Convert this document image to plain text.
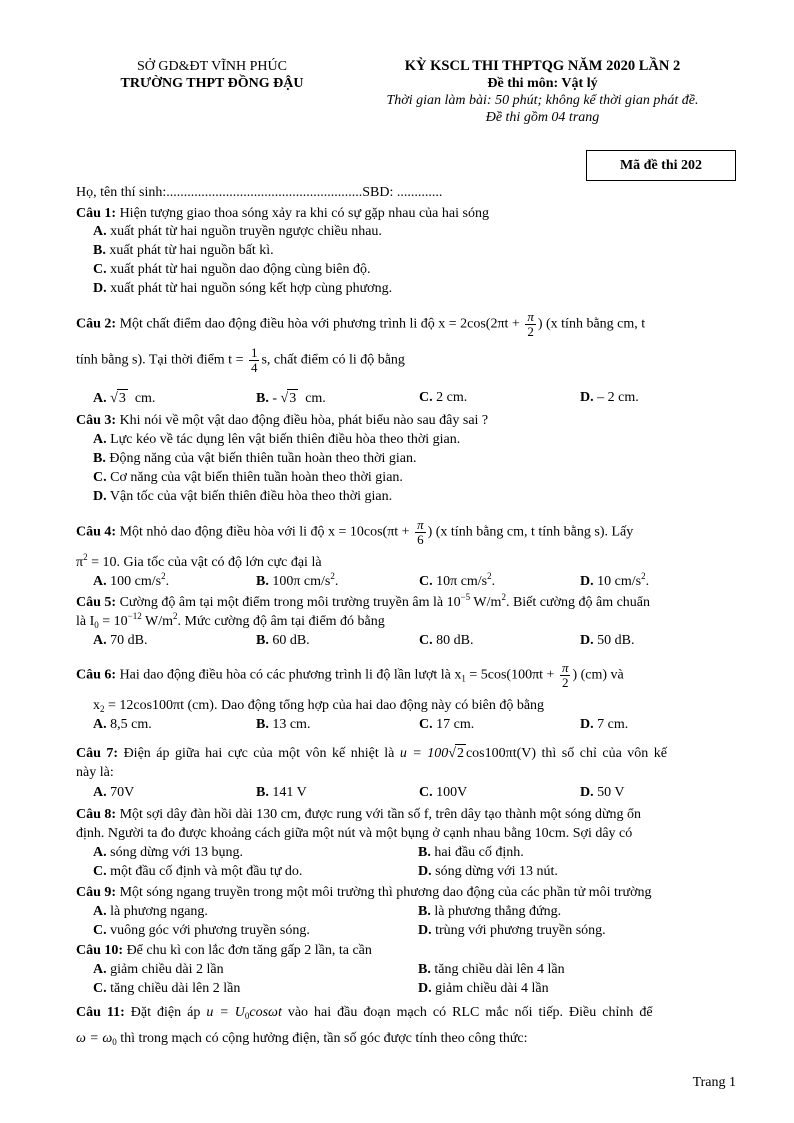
SỞ GD&ĐT VĨNH PHÚC
TRƯỜNG THPT ĐỒNG ĐẬU
KỲ KSCL THI THPTQG NĂM 2020 LẦN 2
Đề thi môn: Vật lý
Thời gian làm bài: 50 phút; không kể thời gian phát đề.
Đề thi gồm 04 trang
Mã đề thi 202
Họ, tên thí sinh:........................................................SBD: .............
Câu 1: Hiện tượng giao thoa sóng xảy ra khi có sự gặp nhau của hai sóng
A. xuất phát từ hai nguồn truyền ngược chiều nhau.
B. xuất phát từ hai nguồn bất kì.
C. xuất phát từ hai nguồn dao động cùng biên độ.
D. xuất phát từ hai nguồn sóng kết hợp cùng phương.
Câu 2: Một chất điểm dao động điều hòa với phương trình li độ $x = 2\cos(2\pi t + \frac{\pi}{2}$ ) (x tính bằng cm, t
tính bằng s). Tại thời điểm $t = \frac{1}{4} s$, chất điểm có li độ bằng
A. √3 cm.	B. - √3 cm.	C. 2 cm.	D. – 2 cm.
Câu 3: Khi nói về một vật dao động điều hòa, phát biểu nào sau đây sai ?
A. Lực kéo về tác dụng lên vật biến thiên điều hòa theo thời gian.
B. Động năng của vật biến thiên tuần hoàn theo thời gian.
C. Cơ năng của vật biến thiên tuần hoàn theo thời gian.
D. Vận tốc của vật biến thiên điều hòa theo thời gian.
Câu 4: Một nhỏ dao động điều hòa với li độ $x = 10\cos(\pi t + \frac{\pi}{6}$ ) (x tính bằng cm, t tính bằng s). Lấy
$\pi^2 = 10$. Gia tốc của vật có độ lớn cực đại là
A. 100 $cm/s^2$.	B. 100π $cm/s^2$.	C. 10π $cm/s^2$.	D. 10 $cm/s^2$.
Câu 5: Cường độ âm tại một điểm trong môi trường truyền âm là $10^{-5}$ $W/m^2$. Biết cường độ âm chuẩn
là $I_0 = 10^{-12}$ $W/m^2$. Mức cường độ âm tại điểm đó bằng
A. 70 dB.	B. 60 dB.	C. 80 dB.	D. 50 dB.
Câu 6: Hai dao động điều hòa có các phương trình li độ lần lượt là $x_1 = 5\cos(100\pi t + \frac{\pi}{2}$ ) (cm) và
$x_2 = 12\cos 100\pi t$ (cm). Dao động tổng hợp của hai dao động này có biên độ bằng
A. 8,5 cm.	B. 13 cm.	C. 17 cm.	D. 7 cm.
Câu 7: Điện áp giữa hai cực của một vôn kế nhiệt là u = 100√2 cos100πt(V) thì số chỉ của vôn kế
này là:
A. 70V	B. 141 V	C. 100V	D. 50 V
Câu 8: Một sợi dây đàn hồi dài 130 cm, được rung với tần số f, trên dây tạo thành một sóng dừng ổn
định. Người ta đo được khoảng cách giữa một nút và một bụng ở cạnh nhau bằng 10cm. Sợi dây có
A. sóng dừng với 13 bụng.	B. hai đầu cố định.
C. một đầu cố định và một đầu tự do.	D. sóng dừng với 13 nút.
Câu 9: Một sóng ngang truyền trong một môi trường thì phương dao động của các phần tử môi trường
A. là phương ngang.	B. là phương thẳng đứng.
C. vuông góc với phương truyền sóng.	D. trùng với phương truyền sóng.
Câu 10: Để chu kì con lắc đơn tăng gấp 2 lần, ta cần
A. giảm chiều dài 2 lần	B. tăng chiều dài lên 4 lần
C. tăng chiều dài lên 2 lần	D. giảm chiều dài 4 lần
Câu 11: Đặt điện áp $u = U_0\cos\omega t$ vào hai đầu đoạn mạch có RLC mắc nối tiếp. Điều chỉnh để
$\omega = \omega_0$ thì trong mạch có cộng hưởng điện, tần số góc được tính theo công thức:
Trang 1
